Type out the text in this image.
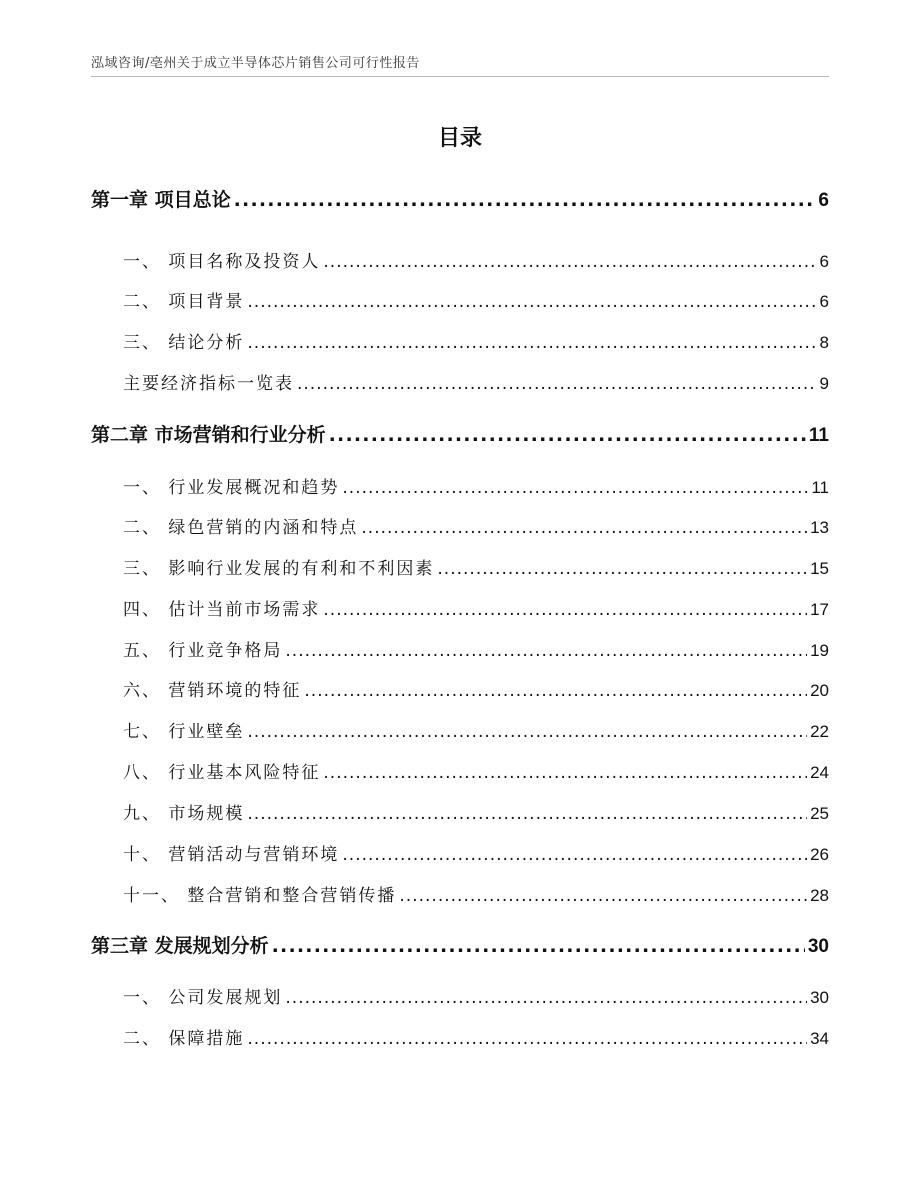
泓域咨询/亳州关于成立半导体芯片销售公司可行性报告
目录
第一章 项目总论 .....	6
一、 项目名称及投资人 .....	6
二、 项目背景 .....	6
三、 结论分析 .....	8
主要经济指标一览表 .....	9
第二章 市场营销和行业分析 .....	11
一、 行业发展概况和趋势 .....	11
二、 绿色营销的内涵和特点 .....	13
三、 影响行业发展的有利和不利因素 .....	15
四、 估计当前市场需求 .....	17
五、 行业竞争格局 .....	19
六、 营销环境的特征 .....	20
七、 行业壁垒 .....	22
八、 行业基本风险特征 .....	24
九、 市场规模 .....	25
十、 营销活动与营销环境 .....	26
十一、 整合营销和整合营销传播 .....	28
第三章 发展规划分析 .....	30
一、 公司发展规划 .....	30
二、 保障措施 .....	34
